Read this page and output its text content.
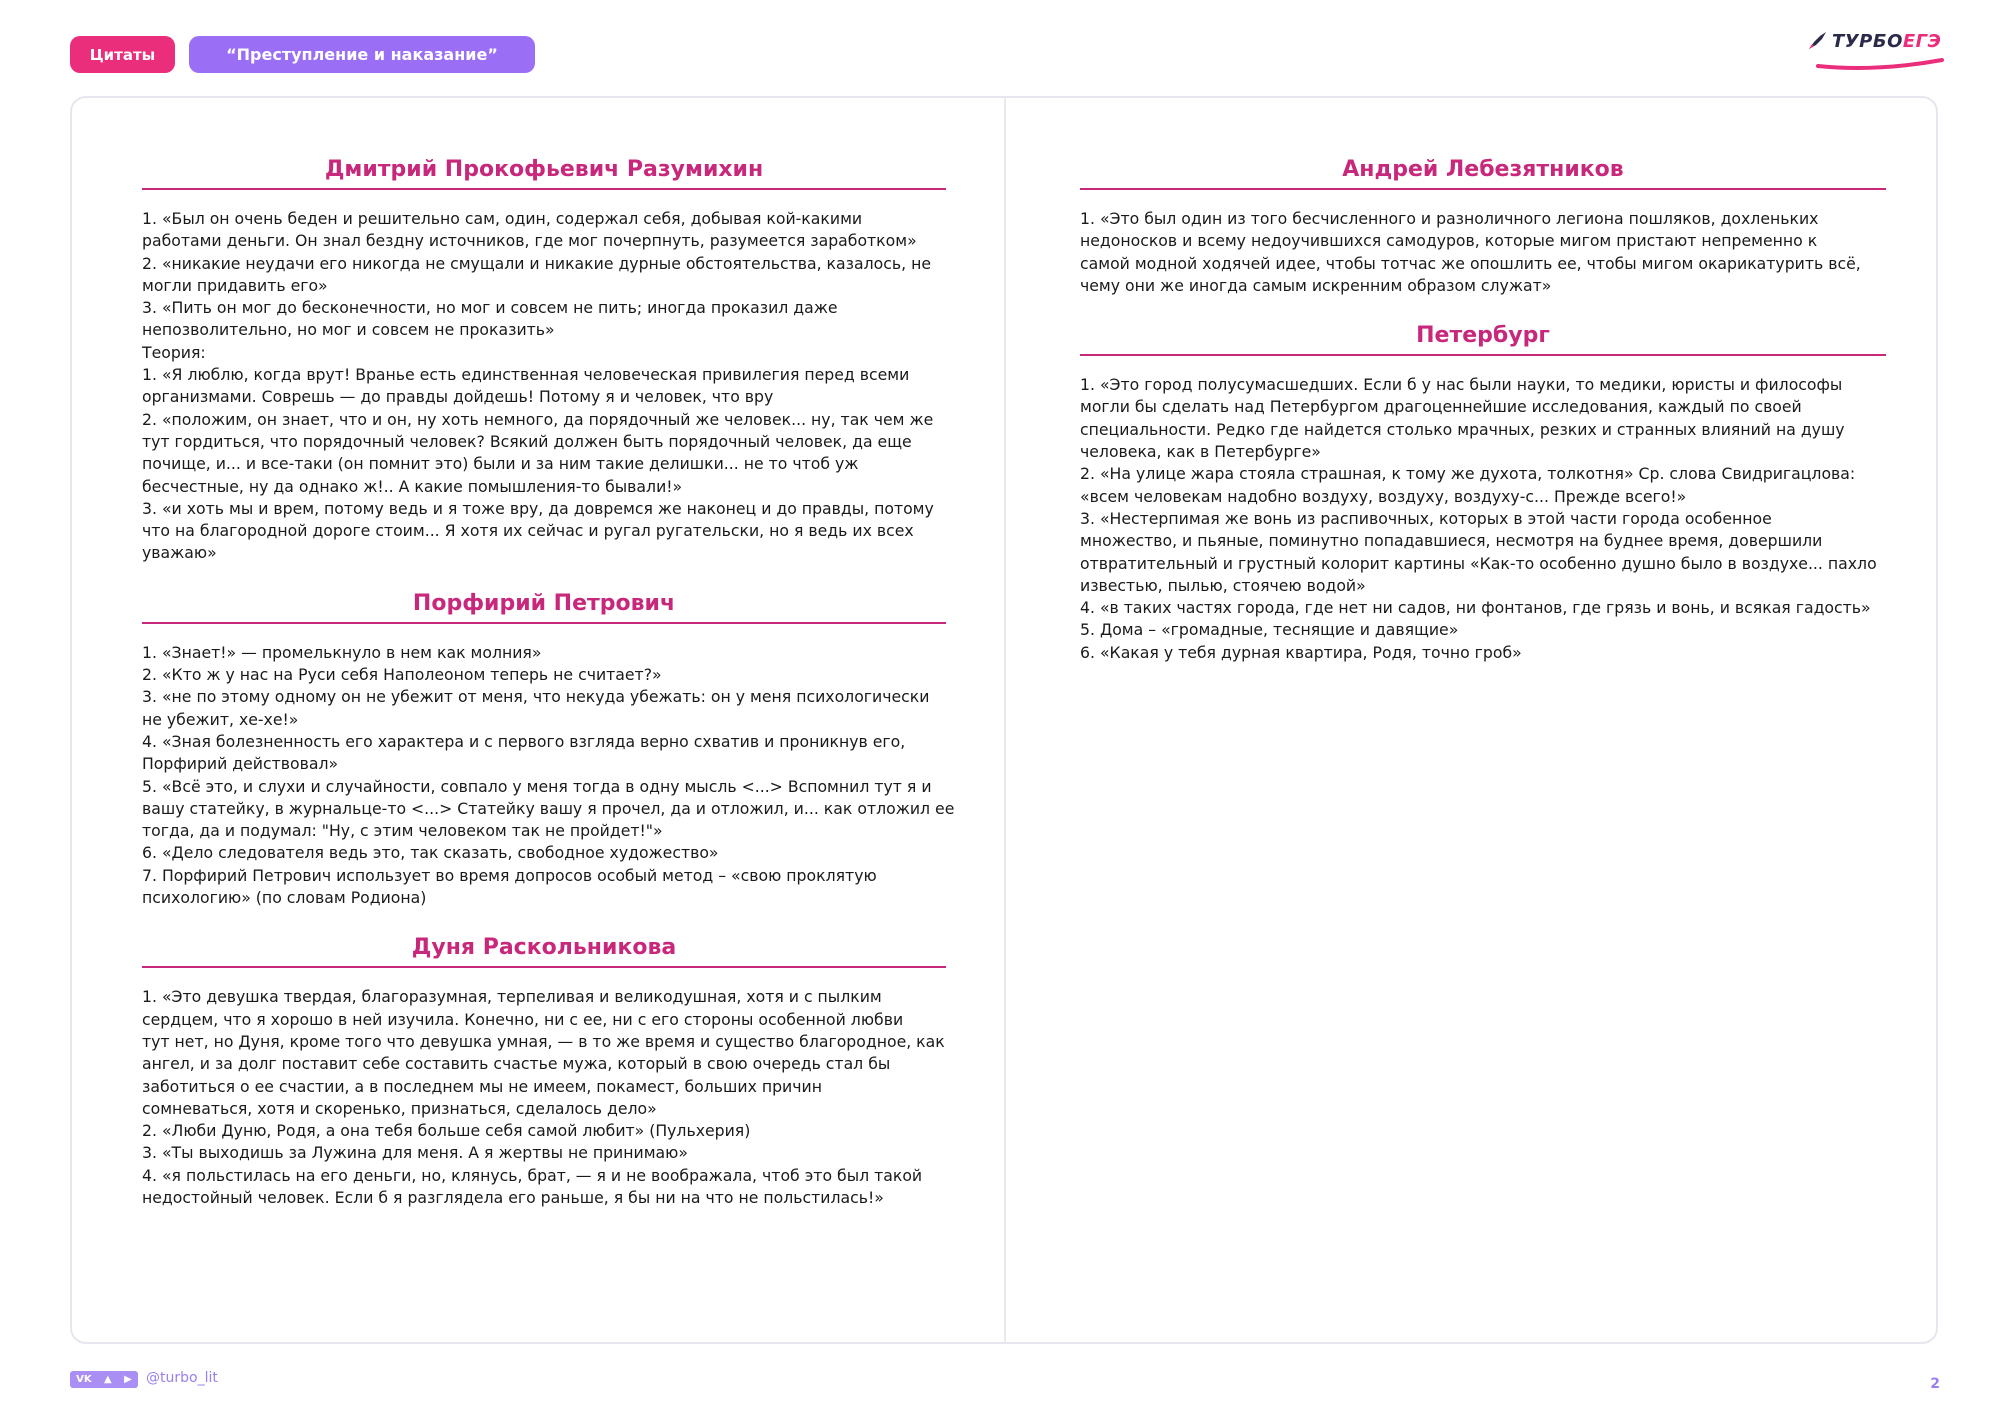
Цитаты	“Преступление и наказание”
ТУРБОЕГЭ
Дмитрий Прокофьевич Разумихин
1. «Был он очень беден и решительно сам, один, содержал себя, добывая кой-какими
работами деньги. Он знал бездну источников, где мог почерпнуть, разумеется заработком»
2. «никакие неудачи его никогда не смущали и никакие дурные обстоятельства, казалось, не
могли придавить его»
3. «Пить он мог до бесконечности, но мог и совсем не пить; иногда проказил даже
непозволительно, но мог и совсем не проказить»
Теория:
1. «Я люблю, когда врут! Вранье есть единственная человеческая привилегия перед всеми
организмами. Соврешь — до правды дойдешь! Потому я и человек, что вру
2. «положим, он знает, что и он, ну хоть немного, да порядочный же человек... ну, так чем же
тут гордиться, что порядочный человек? Всякий должен быть порядочный человек, да еще
почище, и... и все-таки (он помнит это) были и за ним такие делишки... не то чтоб уж
бесчестные, ну да однако ж!.. А какие помышления-то бывали!»
3. «и хоть мы и врем, потому ведь и я тоже вру, да довремся же наконец и до правды, потому
что на благородной дороге стоим... Я хотя их сейчас и ругал ругательски, но я ведь их всех
уважаю»
Порфирий Петрович
1. «Знает!» — промелькнуло в нем как молния»
2. «Кто ж у нас на Руси себя Наполеоном теперь не считает?»
3. «не по этому одному он не убежит от меня, что некуда убежать: он у меня психологически
не убежит, хе-хе!»
4. «Зная болезненность его характера и с первого взгляда верно схватив и проникнув его,
Порфирий действовал»
5. «Всё это, и слухи и случайности, совпало у меня тогда в одну мысль <...> Вспомнил тут я и
вашу статейку, в журнальце-то <...> Статейку вашу я прочел, да и отложил, и... как отложил ее
тогда, да и подумал: "Ну, с этим человеком так не пройдет!"»
6. «Дело следователя ведь это, так сказать, свободное художество»
7. Порфирий Петрович использует во время допросов особый метод – «свою проклятую
психологию» (по словам Родиона)
Дуня Раскольникова
1. «Это девушка твердая, благоразумная, терпеливая и великодушная, хотя и с пылким
сердцем, что я хорошо в ней изучила. Конечно, ни с ее, ни с его стороны особенной любви
тут нет, но Дуня, кроме того что девушка умная, — в то же время и существо благородное, как
ангел, и за долг поставит себе составить счастье мужа, который в свою очередь стал бы
заботиться о ее счастии, а в последнем мы не имеем, покамест, больших причин
сомневаться, хотя и скоренько, признаться, сделалось дело»
2. «Люби Дуню, Родя, а она тебя больше себя самой любит» (Пульхерия)
3. «Ты выходишь за Лужина для меня. А я жертвы не принимаю»
4. «я польстилась на его деньги, но, клянусь, брат, — я и не воображала, чтоб это был такой
недостойный человек. Если б я разглядела его раньше, я бы ни на что не польстилась!»
Андрей Лебезятников
1. «Это был один из того бесчисленного и разноличного легиона пошляков, дохленьких
недоносков и всему недоучившихся самодуров, которые мигом пристают непременно к
самой модной ходячей идее, чтобы тотчас же опошлить ее, чтобы мигом окарикатурить всё,
чему они же иногда самым искренним образом служат»
Петербург
1. «Это город полусумасшедших. Если б у нас были науки, то медики, юристы и философы
могли бы сделать над Петербургом драгоценнейшие исследования, каждый по своей
специальности. Редко где найдется столько мрачных, резких и странных влияний на душу
человека, как в Петербурге»
2. «На улице жара стояла страшная, к тому же духота, толкотня» Ср. слова Свидригацлова:
«всем человекам надобно воздуху, воздуху, воздуху-с... Прежде всего!»
3. «Нестерпимая же вонь из распивочных, которых в этой части города особенное
множество, и пьяные, поминутно попадавшиеся, несмотря на буднее время, довершили
отвратительный и грустный колорит картины «Как-то особенно душно было в воздухе... пахло
известью, пылью, стоячею водой»
4. «в таких частях города, где нет ни садов, ни фонтанов, где грязь и вонь, и всякая гадость»
5. Дома – «громадные, теснящие и давящие»
6. «Какая у тебя дурная квартира, Родя, точно гроб»
VK ▲ ▶ @turbo_lit	2
